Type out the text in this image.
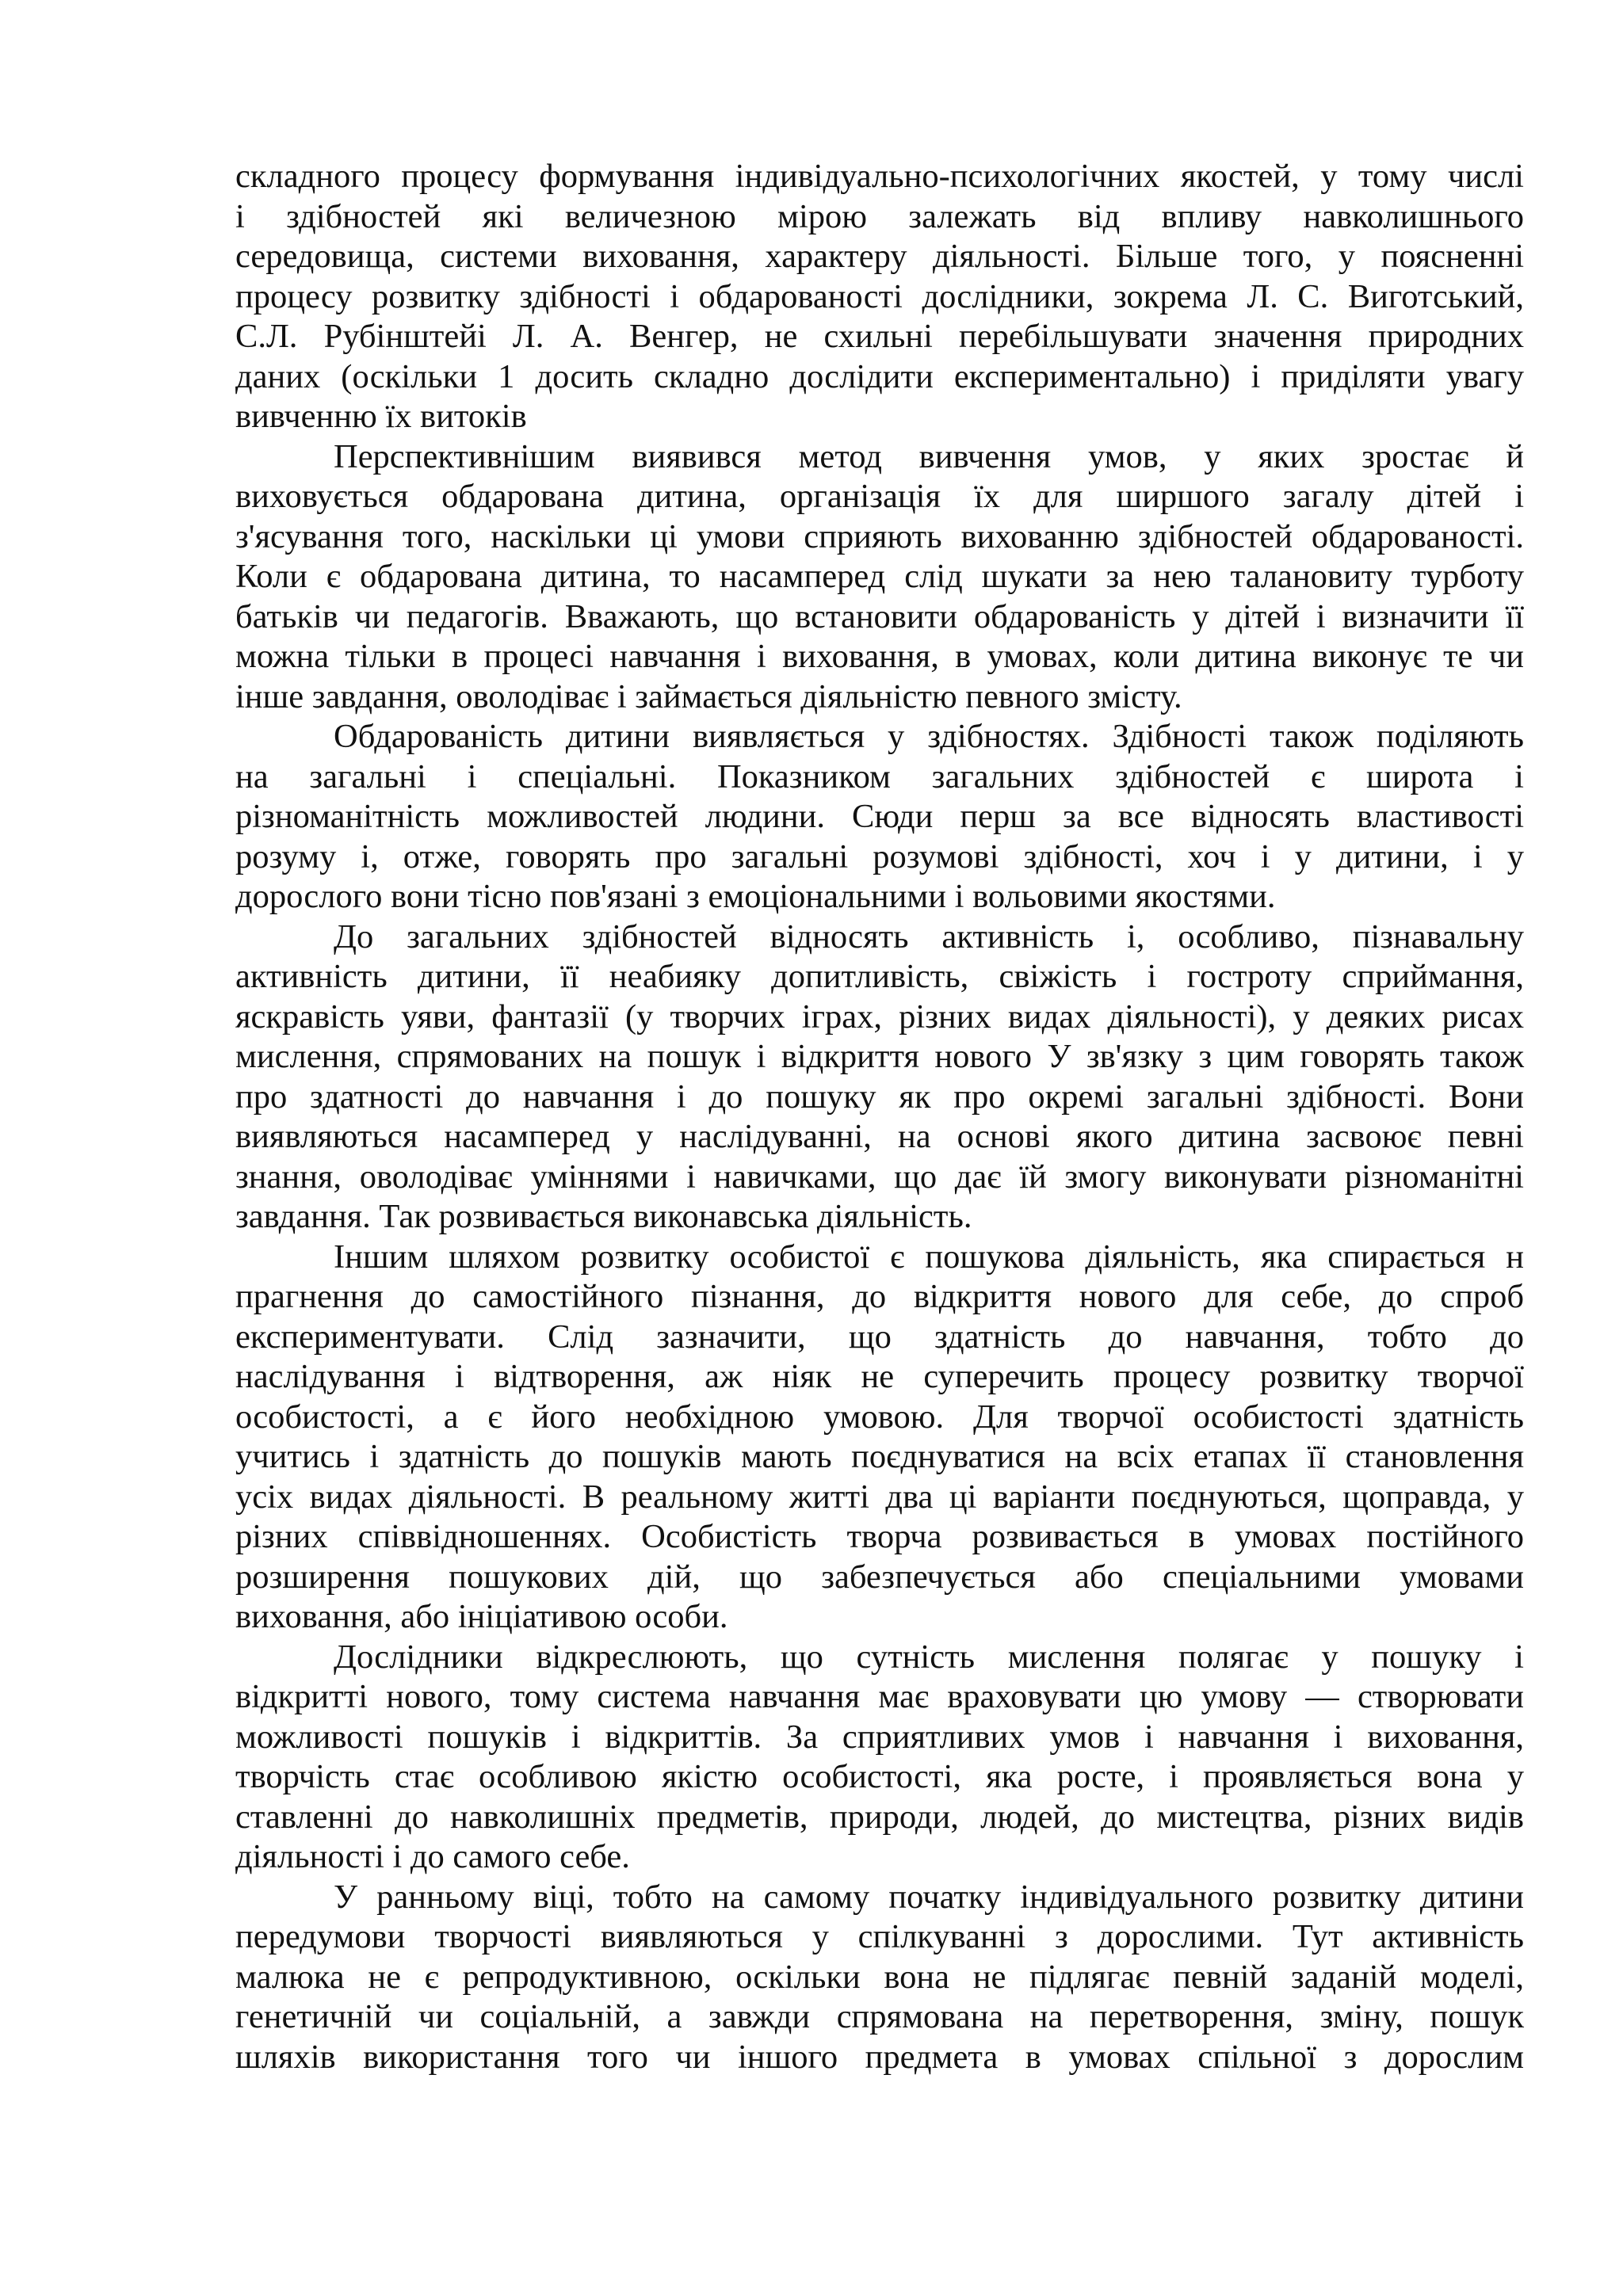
складного процесу формування індивідуально-психологічних якостей, у тому числі
і здібностей які величезною мірою залежать від впливу навколишнього
середовища, системи виховання, характеру діяльності. Більше того, у поясненні
процесу розвитку здібності і обдарованості дослідники, зокрема Л. С. Виготський,
С.Л. Рубінштейі Л. А. Венгер, не схильні перебільшувати значення природних
даних (оскільки 1 досить складно дослідити експериментально) і приділяти увагу
вивченню їх витоків
Перспективнішим виявився метод вивчення умов, у яких зростає й
виховується обдарована дитина, організація їх для ширшого загалу дітей і
з'ясування того, наскільки ці умови сприяють вихованню здібностей обдарованості.
Коли є обдарована дитина, то насамперед слід шукати за нею талановиту турботу
батьків чи педагогів. Вважають, що встановити обдарованість у дітей і визначити її
можна тільки в процесі навчання і виховання, в умовах, коли дитина виконує те чи
інше завдання, оволодіває і займається діяльністю певного змісту.
Обдарованість дитини виявляється у здібностях. Здібності також поділяють
на загальні і спеціальні. Показником загальних здібностей є широта і
різноманітність можливостей людини. Сюди перш за все відносять властивості
розуму і, отже, говорять про загальні розумові здібності, хоч і у дитини, і у
дорослого вони тісно пов'язані з емоціональними і вольовими якостями.
До загальних здібностей відносять активність і, особливо, пізнавальну
активність дитини, її неабияку допитливість, свіжість і гостроту сприймання,
яскравість уяви, фантазії (у творчих іграх, різних видах діяльності), у деяких рисах
мислення, спрямованих на пошук і відкриття нового У зв'язку з цим говорять також
про здатності до навчання і до пошуку як про окремі загальні здібності. Вони
виявляються насамперед у наслідуванні, на основі якого дитина засвоює певні
знання, оволодіває уміннями і навичками, що дає їй змогу виконувати різноманітні
завдання. Так розвивається виконавська діяльність.
Іншим шляхом розвитку особистої є пошукова діяльність, яка спирається н
прагнення до самостійного пізнання, до відкриття нового для себе, до спроб
експериментувати. Слід зазначити, що здатність до навчання, тобто до
наслідування і відтворення, аж ніяк не суперечить процесу розвитку творчої
особистості, а є його необхідною умовою. Для творчої особистості здатність
учитись і здатність до пошуків мають поєднуватися на всіх етапах її становлення
усіх видах діяльності. В реальному житті два ці варіанти поєднуються, щоправда, у
різних співвідношеннях. Особистість творча розвивається в умовах постійного
розширення пошукових дій, що забезпечується або спеціальними умовами
виховання, або ініціативою особи.
Дослідники відкреслюють, що сутність мислення полягає у пошуку і
відкритті нового, тому система навчання має враховувати цю умову — створювати
можливості пошуків і відкриттів. За сприятливих умов і навчання і виховання,
творчість стає особливою якістю особистості, яка росте, і проявляється вона у
ставленні до навколишніх предметів, природи, людей, до мистецтва, різних видів
діяльності і до самого себе.
У ранньому віці, тобто на самому початку індивідуального розвитку дитини
передумови творчості виявляються у спілкуванні з дорослими. Тут активність
малюка не є репродуктивною, оскільки вона не підлягає певній заданій моделі,
генетичній чи соціальній, а завжди спрямована на перетворення, зміну, пошук
шляхів використання того чи іншого предмета в умовах спільної з дорослим
